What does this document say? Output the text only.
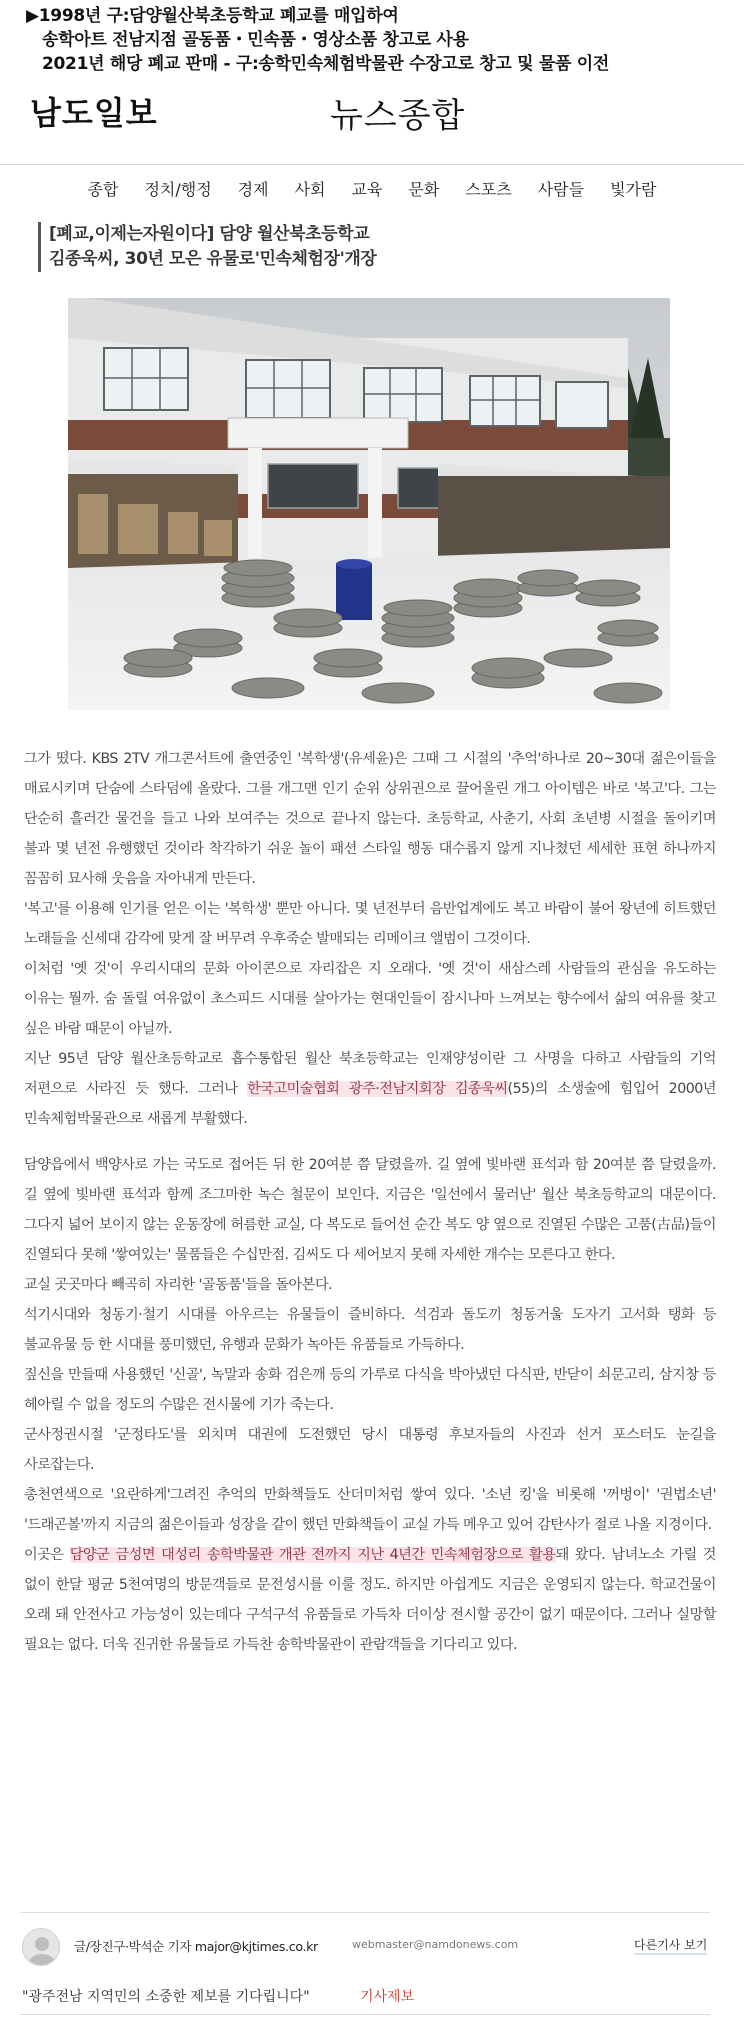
▶1998년 구:담양월산북초등학교 폐교를 매입하여
송학아트 전남지점 골동품・민속품・영상소품 창고로 사용
2021년 해당 폐교 판매 - 구:송학민속체험박물관 수장고로 창고 및 물품 이전
남도일보	뉴스종합
종합	정치/행정	경제	사회	교육	문화	스포츠	사람들	빛가람
[폐교,이제는자원이다] 담양 월산북초등학교
김종욱씨, 30년 모은 유물로'민속체험장'개장

그가 떴다. KBS 2TV 개그콘서트에 출연중인 '복학생'(유세윤)은 그때 그 시절의 '추억'하나로 20~30대 젊은이들을 매료시키며 단숨에 스타덤에 올랐다. 그를 개그맨 인기 순위 상위권으로 끌어올린 개그 아이템은 바로 '복고'다. 그는 단순히 흘러간 물건을 들고 나와 보여주는 것으로 끝나지 않는다. 초등학교, 사춘기, 사회 초년병 시절을 돌이키며 불과 몇 년전 유행했던 것이라 착각하기 쉬운 놀이 패션 스타일 행동 대수롭지 않게 지나쳤던 세세한 표현 하나까지 꼼꼼히 묘사해 웃음을 자아내게 만든다.

'복고'를 이용해 인기를 얻은 이는 '복학생' 뿐만 아니다. 몇 년전부터 음반업계에도 복고 바람이 불어 왕년에 히트했던 노래들을 신세대 감각에 맞게 잘 버무려 우후죽순 발매되는 리메이크 앨범이 그것이다.

이처럼 '옛 것'이 우리시대의 문화 아이콘으로 자리잡은 지 오래다. '옛 것'이 새삼스레 사람들의 관심을 유도하는 이유는 뭘까. 숨 돌릴 여유없이 초스피드 시대를 살아가는 현대인들이 잠시나마 느껴보는 향수에서 삶의 여유를 찾고 싶은 바람 때문이 아닐까.

지난 95년 담양 월산초등학교로 흡수통합된 월산 북초등학교는 인재양성이란 그 사명을 다하고 사람들의 기억 저편으로 사라진 듯 했다. 그러나 한국고미술협회 광주·전남지회장 김종욱씨(55)의 소생술에 힘입어 2000년 민속체험박물관으로 새롭게 부활했다.

담양읍에서 백양사로 가는 국도로 접어든 뒤 한 20여분 쯤 달렸을까. 길 옆에 빛바랜 표석과 함 20여분 쯤 달렸을까. 길 옆에 빛바랜 표석과 함께 조그마한 녹슨 철문이 보인다. 지금은 '일선에서 물러난' 월산 북초등학교의 대문이다. 그다지 넓어 보이지 않는 운동장에 허름한 교실, 다 복도로 들어선 순간 복도 양 옆으로 진열된 수많은 고품(古品)들이 진열되다 못해 '쌓여있는' 물품들은 수십만점. 김씨도 다 세어보지 못해 자세한 개수는 모른다고 한다.

교실 곳곳마다 빼곡히 자리한 '골동품'들을 돌아본다.

석기시대와 청동기·철기 시대를 아우르는 유물들이 즐비하다. 석검과 돌도끼 청동거울 도자기 고서화 탱화 등 불교유물 등 한 시대를 풍미했던, 유행과 문화가 녹아든 유품들로 가득하다.

짚신을 만들때 사용했던 '신골', 녹말과 송화 검은깨 등의 가루로 다식을 박아냈던 다식판, 반닫이 쇠문고리, 삼지창 등 헤아릴 수 없을 정도의 수많은 전시물에 기가 죽는다.

군사정권시절 '군정타도'를 외치며 대권에 도전했던 당시 대통령 후보자들의 사진과 선거 포스터도 눈길을 사로잡는다.

총천연색으로 '요란하게'그려진 추억의 만화책들도 산더미처럼 쌓여 있다. '소년 킹'을 비롯해 '꺼벙이' '권법소년' '드래곤볼'까지 지금의 젊은이들과 성장을 같이 했던 만화책들이 교실 가득 메우고 있어 감탄사가 절로 나올 지경이다.

이곳은 담양군 금성면 대성리 송학박물관 개관 전까지 지난 4년간 민속체험장으로 활용돼 왔다. 남녀노소 가릴 것 없이 한달 평균 5천여명의 방문객들로 문전성시를 이룰 정도. 하지만 아쉽게도 지금은 운영되지 않는다. 학교건물이 오래 돼 안전사고 가능성이 있는데다 구석구석 유품들로 가득차 더이상 전시할 공간이 없기 때문이다. 그러나 실망할 필요는 없다. 더욱 진귀한 유물들로 가득찬 송학박물관이 관람객들을 기다리고 있다.

글/장진구·박석순 기자 major@kjtimes.co.kr	webmaster@namdonews.com	다른기사 보기
"광주전남 지역민의 소중한 제보를 기다립니다"	기사제보
